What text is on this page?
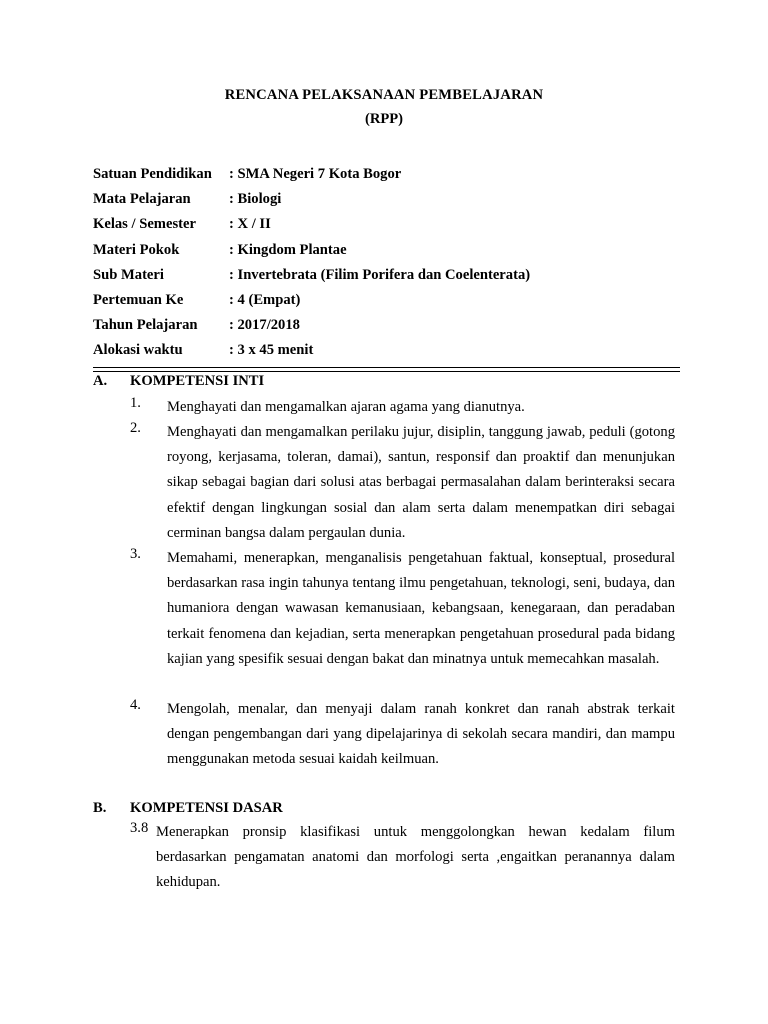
RENCANA PELAKSANAAN PEMBELAJARAN
(RPP)
Satuan Pendidikan	: SMA Negeri 7 Kota Bogor
Mata Pelajaran	: Biologi
Kelas / Semester	: X / II
Materi Pokok	: Kingdom Plantae
Sub Materi	: Invertebrata (Filim Porifera dan Coelenterata)
Pertemuan Ke	: 4 (Empat)
Tahun Pelajaran	: 2017/2018
Alokasi waktu	: 3 x 45 menit
A.	KOMPETENSI INTI
1.	Menghayati dan mengamalkan ajaran agama yang dianutnya.
2.	Menghayati dan mengamalkan perilaku jujur, disiplin, tanggung jawab, peduli (gotong royong, kerjasama, toleran, damai), santun, responsif dan proaktif dan menunjukan sikap sebagai bagian dari solusi atas berbagai permasalahan dalam berinteraksi secara efektif dengan lingkungan sosial dan alam serta dalam menempatkan diri sebagai cerminan bangsa dalam pergaulan dunia.
3.	Memahami, menerapkan, menganalisis pengetahuan faktual, konseptual, prosedural berdasarkan rasa ingin tahunya tentang ilmu pengetahuan, teknologi, seni, budaya, dan humaniora dengan wawasan kemanusiaan, kebangsaan, kenegaraan, dan peradaban terkait fenomena dan kejadian, serta menerapkan pengetahuan prosedural pada bidang kajian yang spesifik sesuai dengan bakat dan minatnya untuk memecahkan masalah.
4.	Mengolah, menalar, dan menyaji dalam ranah konkret dan ranah abstrak terkait dengan pengembangan dari yang dipelajarinya di sekolah secara mandiri, dan mampu menggunakan metoda sesuai kaidah keilmuan.
B.	KOMPETENSI DASAR
3.8 Menerapkan pronsip klasifikasi untuk menggolongkan hewan kedalam filum berdasarkan pengamatan anatomi dan morfologi serta ,engaitkan peranannya dalam kehidupan.
